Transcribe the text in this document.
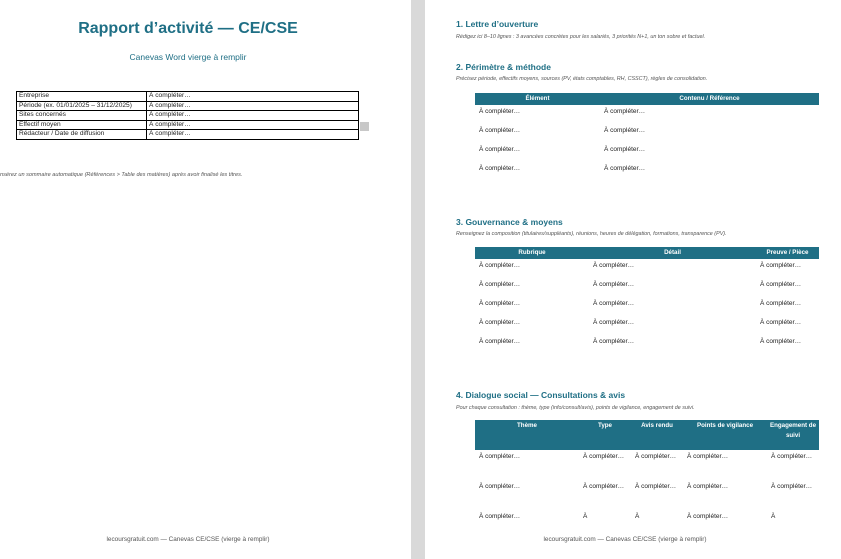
Rapport d’activité — CE/CSE
Canevas Word vierge à remplir
Entreprise	À compléter…
Période (ex. 01/01/2025 – 31/12/2025)	À compléter…
Sites concernés	À compléter…
Effectif moyen	À compléter…
Rédacteur / Date de diffusion	À compléter…
nsérez un sommaire automatique (Références > Table des matières) après avoir finalisé les titres.
lecoursgratuit.com — Canevas CE/CSE (vierge à remplir)
1. Lettre d’ouverture
Rédigez ici 8–10 lignes : 3 avancées concrètes pour les salariés, 3 priorités N+1, un ton sobre et factuel.
2. Périmètre & méthode
Précisez période, effectifs moyens, sources (PV, états comptables, RH, CSSCT), règles de consolidation.
Élément	Contenu / Référence
À compléter…	À compléter…
À compléter…	À compléter…
À compléter…	À compléter…
À compléter…	À compléter…
3. Gouvernance & moyens
Renseignez la composition (titulaires/suppléants), réunions, heures de délégation, formations, transparence (PV).
Rubrique	Détail	Preuve / Pièce
À compléter…	À compléter…	À compléter…
À compléter…	À compléter…	À compléter…
À compléter…	À compléter…	À compléter…
À compléter…	À compléter…	À compléter…
À compléter…	À compléter…	À compléter…
4. Dialogue social — Consultations & avis
Pour chaque consultation : thème, type (info/consult/avis), points de vigilance, engagement de suivi.
Thème	Type	Avis rendu	Points de vigilance	Engagement de suivi
À compléter…	À compléter…	À compléter…	À compléter…	À compléter…
À compléter…	À compléter…	À compléter…	À compléter…	À compléter…
À compléter…	À	À	À compléter…	À
lecoursgratuit.com — Canevas CE/CSE (vierge à remplir)
